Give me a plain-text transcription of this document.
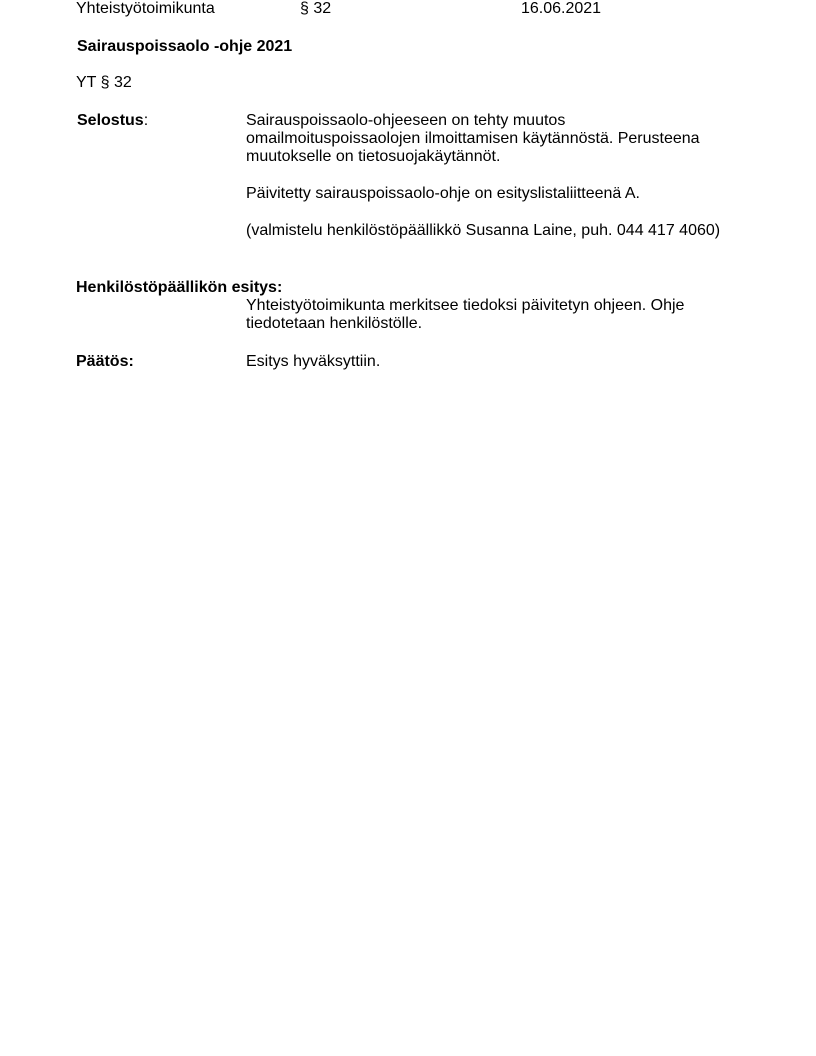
Yhteistyötoimikunta	§ 32	16.06.2021
Sairauspoissaolo -ohje 2021
YT § 32
Selostus:	Sairauspoissaolo-ohjeeseen on tehty muutos
omailmoituspoissaolojen ilmoittamisen käytännöstä. Perusteena
muutokselle on tietosuojakäytännöt.
Päivitetty sairauspoissaolo-ohje on esityslistaliitteenä A.
(valmistelu henkilöstöpäällikkö Susanna Laine, puh. 044 417 4060)
Henkilöstöpäällikön esitys:
Yhteistyötoimikunta merkitsee tiedoksi päivitetyn ohjeen. Ohje
tiedotetaan henkilöstölle.
Päätös:	Esitys hyväksyttiin.
